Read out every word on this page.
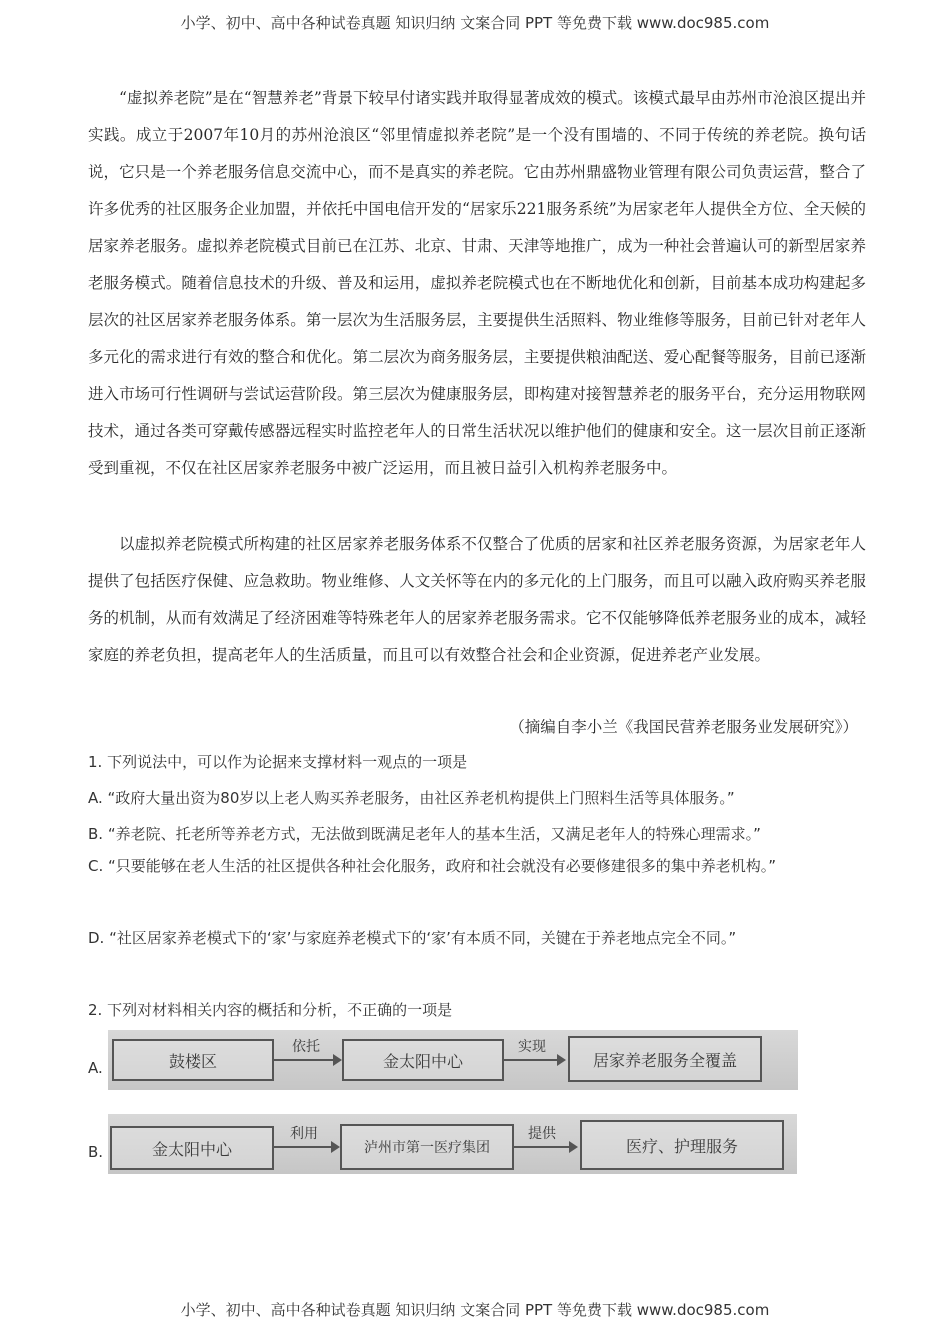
小学、初中、高中各种试卷真题 知识归纳 文案合同 PPT 等免费下载 www.doc985.com

“虚拟养老院”是在“智慧养老”背景下较早付诸实践并取得显著成效的模式。该模式最早由苏州市沧浪区提出并实践。成立于2007年10月的苏州沧浪区“邻里情虚拟养老院”是一个没有围墙的、不同于传统的养老院。换句话说，它只是一个养老服务信息交流中心，而不是真实的养老院。它由苏州鼎盛物业管理有限公司负责运营，整合了许多优秀的社区服务企业加盟，并依托中国电信开发的“居家乐221服务系统”为居家老年人提供全方位、全天候的居家养老服务。虚拟养老院模式目前已在江苏、北京、甘肃、天津等地推广，成为一种社会普遍认可的新型居家养老服务模式。随着信息技术的升级、普及和运用，虚拟养老院模式也在不断地优化和创新，目前基本成功构建起多层次的社区居家养老服务体系。第一层次为生活服务层，主要提供生活照料、物业维修等服务，目前已针对老年人多元化的需求进行有效的整合和优化。第二层次为商务服务层，主要提供粮油配送、爱心配餐等服务，目前已逐渐进入市场可行性调研与尝试运营阶段。第三层次为健康服务层，即构建对接智慧养老的服务平台，充分运用物联网技术，通过各类可穿戴传感器远程实时监控老年人的日常生活状况以维护他们的健康和安全。这一层次目前正逐渐受到重视，不仅在社区居家养老服务中被广泛运用，而且被日益引入机构养老服务中。

以虚拟养老院模式所构建的社区居家养老服务体系不仅整合了优质的居家和社区养老服务资源，为居家老年人提供了包括医疗保健、应急救助。物业维修、人文关怀等在内的多元化的上门服务，而且可以融入政府购买养老服务的机制，从而有效满足了经济困难等特殊老年人的居家养老服务需求。它不仅能够降低养老服务业的成本，减轻家庭的养老负担，提高老年人的生活质量，而且可以有效整合社会和企业资源，促进养老产业发展。

（摘编自李小兰《我国民营养老服务业发展研究》）
1. 下列说法中，可以作为论据来支撑材料一观点的一项是
A. “政府大量出资为80岁以上老人购买养老服务，由社区养老机构提供上门照料生活等具体服务。”
B. “养老院、托老所等养老方式，无法做到既满足老年人的基本生活，又满足老年人的特殊心理需求。”
C. “只要能够在老人生活的社区提供各种社会化服务，政府和社会就没有必要修建很多的集中养老机构。”
D. “社区居家养老模式下的‘家’与家庭养老模式下的‘家’有本质不同，关键在于养老地点完全不同。”
2. 下列对材料相关内容的概括和分析，不正确的一项是
A.	鼓楼区
依托
金太阳中心
实现
居家养老服务全覆盖
B.	金太阳中心
利用
泸州市第一医疗集团
提供
医疗、护理服务
小学、初中、高中各种试卷真题 知识归纳 文案合同 PPT 等免费下载 www.doc985.com
